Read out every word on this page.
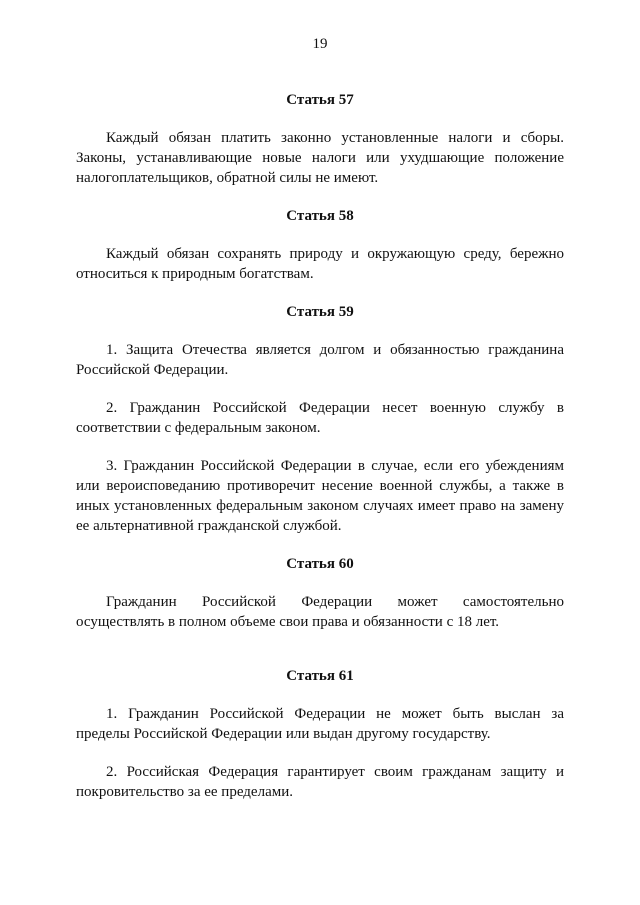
19
Статья 57

Каждый обязан платить законно установленные налоги и сборы. Законы, устанавливающие новые налоги или ухудшающие положение налогоплательщиков, обратной силы не имеют.

Статья 58

Каждый обязан сохранять природу и окружающую среду, бережно относиться к природным богатствам.

Статья 59

1. Защита Отечества является долгом и обязанностью гражданина Российской Федерации.

2. Гражданин Российской Федерации несет военную службу в соответствии с федеральным законом.

3. Гражданин Российской Федерации в случае, если его убеждениям или вероисповеданию противоречит несение военной службы, а также в иных установленных федеральным законом случаях имеет право на замену ее альтернативной гражданской службой.

Статья 60

Гражданин Российской Федерации может самостоятельно осуществлять в полном объеме свои права и обязанности с 18 лет.

Статья 61

1. Гражданин Российской Федерации не может быть выслан за пределы Российской Федерации или выдан другому государству.

2. Российская Федерация гарантирует своим гражданам защиту и покровительство за ее пределами.
